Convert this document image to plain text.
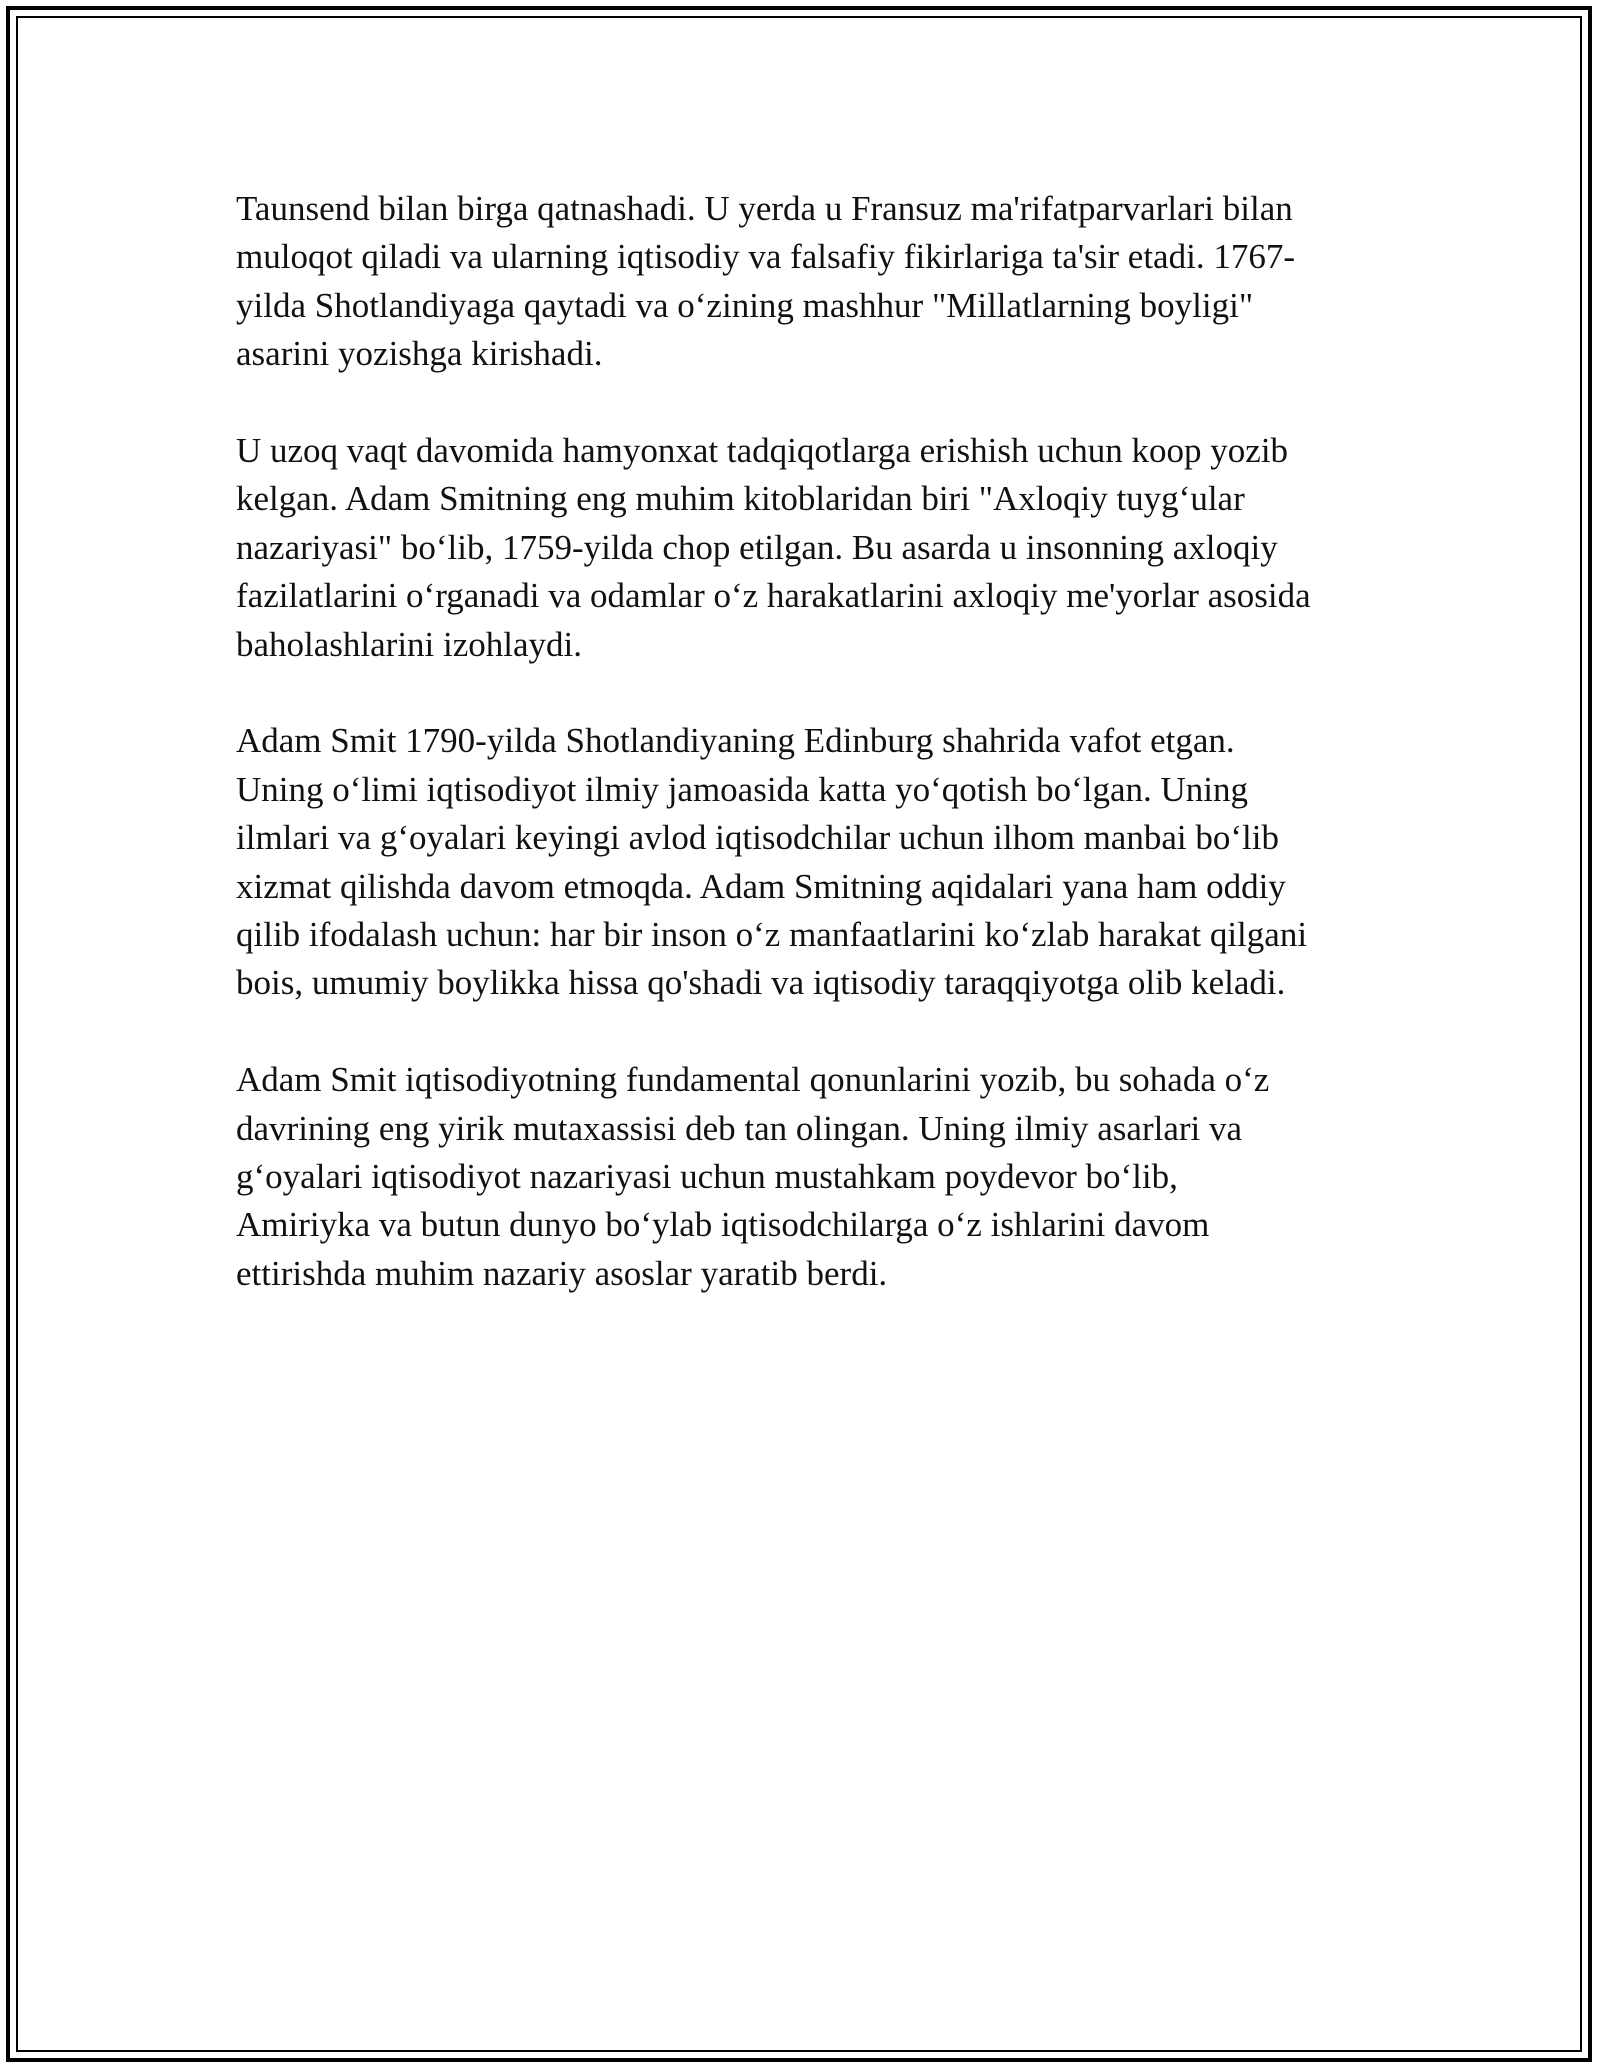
Taunsend bilan birga qatnashadi. U yerda u Fransuz ma'rifatparvarlari bilan
muloqot qiladi va ularning iqtisodiy va falsafiy fikirlariga ta'sir etadi. 1767-
yilda Shotlandiyaga qaytadi va o‘zining mashhur "Millatlarning boyligi"
asarini yozishga kirishadi.

U uzoq vaqt davomida hamyonxat tadqiqotlarga erishish uchun koop yozib
kelgan. Adam Smitning eng muhim kitoblaridan biri "Axloqiy tuyg‘ular
nazariyasi" bo‘lib, 1759-yilda chop etilgan. Bu asarda u insonning axloqiy
fazilatlarini o‘rganadi va odamlar o‘z harakatlarini axloqiy me'yorlar asosida
baholashlarini izohlaydi.

Adam Smit 1790-yilda Shotlandiyaning Edinburg shahrida vafot etgan.
Uning o‘limi iqtisodiyot ilmiy jamoasida katta yo‘qotish bo‘lgan. Uning
ilmlari va g‘oyalari keyingi avlod iqtisodchilar uchun ilhom manbai bo‘lib
xizmat qilishda davom etmoqda. Adam Smitning aqidalari yana ham oddiy
qilib ifodalash uchun: har bir inson o‘z manfaatlarini ko‘zlab harakat qilgani
bois, umumiy boylikka hissa qo'shadi va iqtisodiy taraqqiyotga olib keladi.

Adam Smit iqtisodiyotning fundamental qonunlarini yozib, bu sohada o‘z
davrining eng yirik mutaxassisi deb tan olingan. Uning ilmiy asarlari va
g‘oyalari iqtisodiyot nazariyasi uchun mustahkam poydevor bo‘lib,
Amiriyka va butun dunyo bo‘ylab iqtisodchilarga o‘z ishlarini davom
ettirishda muhim nazariy asoslar yaratib berdi.
